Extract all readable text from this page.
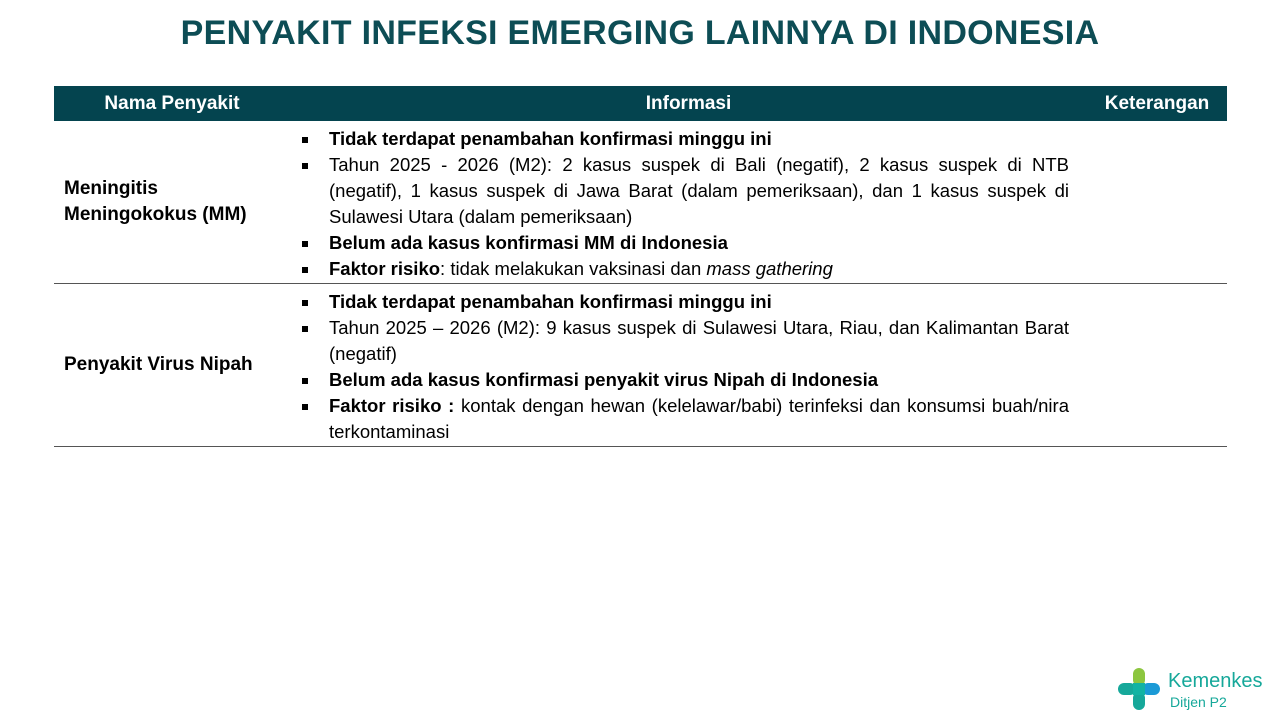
PENYAKIT INFEKSI EMERGING LAINNYA DI INDONESIA
Nama Penyakit	Informasi	Keterangan
Meningitis
Meningokokus (MM)
Tidak terdapat penambahan konfirmasi minggu ini
Tahun 2025 - 2026 (M2): 2 kasus suspek di Bali (negatif), 2 kasus suspek di NTB (negatif), 1 kasus suspek di Jawa Barat (dalam pemeriksaan), dan 1 kasus suspek di Sulawesi Utara (dalam pemeriksaan)
Belum ada kasus konfirmasi MM di Indonesia
Faktor risiko: tidak melakukan vaksinasi dan mass gathering
Penyakit Virus Nipah
Tidak terdapat penambahan konfirmasi minggu ini
Tahun 2025 – 2026 (M2): 9 kasus suspek di Sulawesi Utara, Riau, dan Kalimantan Barat (negatif)
Belum ada kasus konfirmasi penyakit virus Nipah di Indonesia
Faktor risiko : kontak dengan hewan (kelelawar/babi) terinfeksi dan konsumsi buah/nira terkontaminasi
Kemenkes
Ditjen P2
